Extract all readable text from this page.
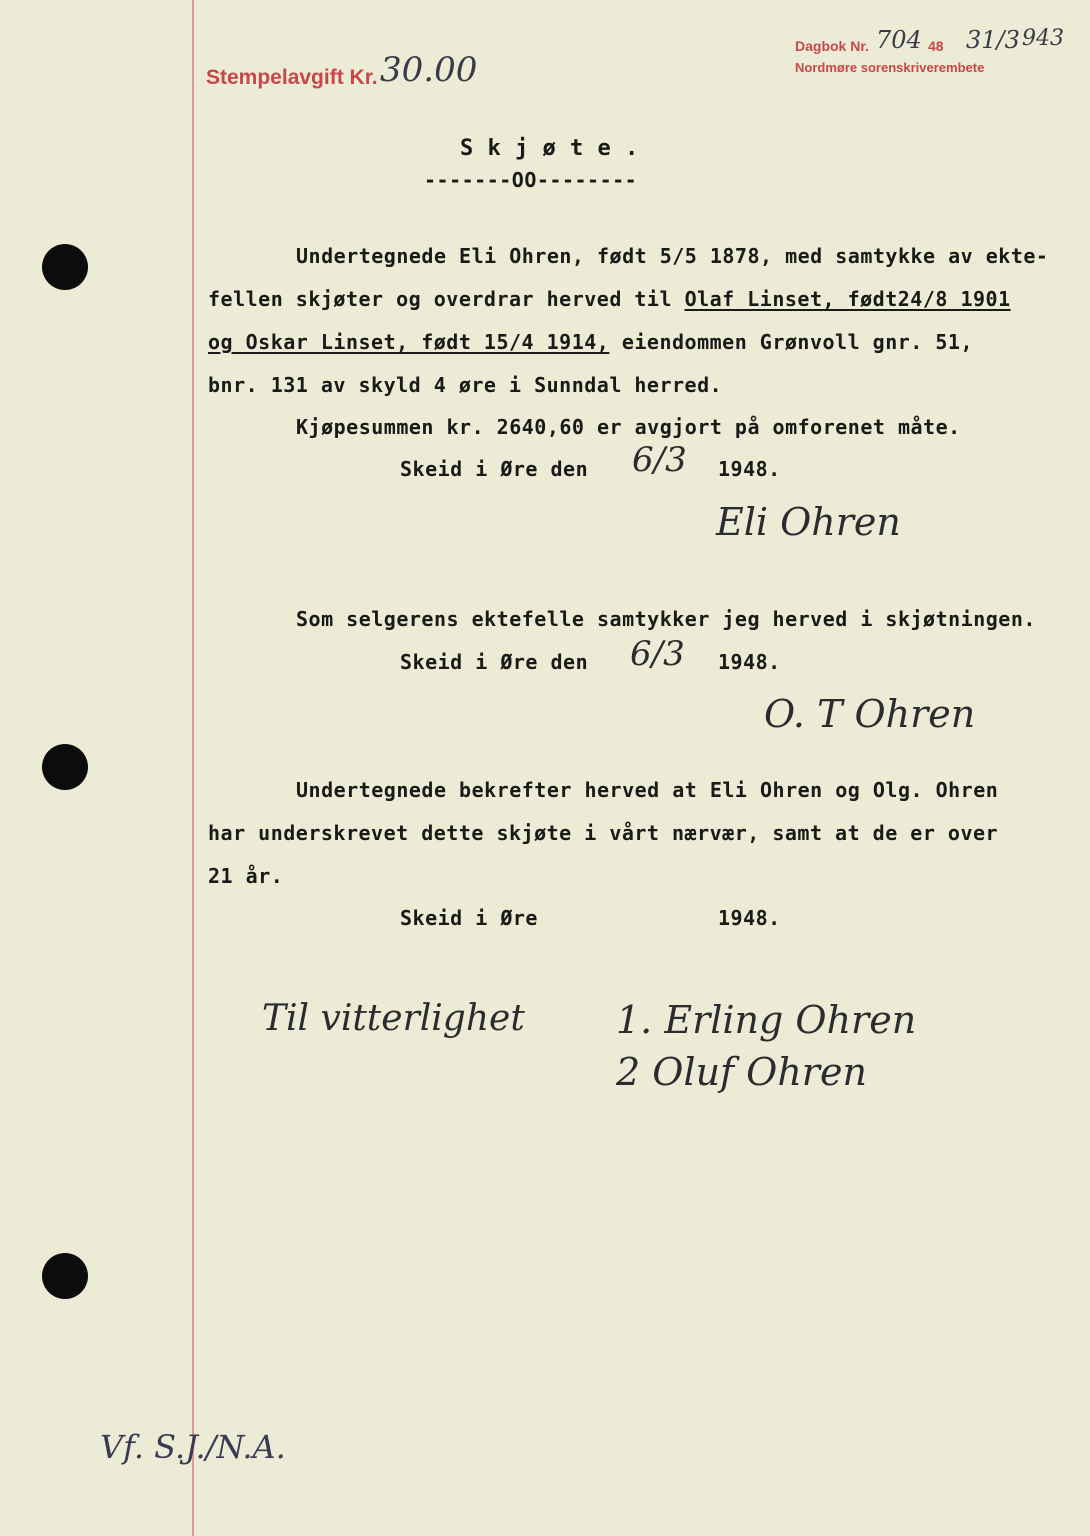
Stempelavgift Kr. 30.00
Dagbok Nr. 704 48 31/3 943
Nordmøre sorenskriverembete
S k j ø t e .
-------OO--------
Undertegnede Eli Ohren, født 5/5 1878, med samtykke av ekte-
fellen skjøter og overdrar herved til Olaf Linset, født24/8 1901
og Oskar Linset, født 15/4 1914, eiendommen Grønvoll gnr. 51,
bnr. 131 av skyld 4 øre i Sunndal herred.
Kjøpesummen kr. 2640,60 er avgjort på omforenet måte.
Skeid i Øre den 6/3 1948.
Eli Ohren
Som selgerens ektefelle samtykker jeg herved i skjøtningen.
Skeid i Øre den 6/3 1948.
O. T Ohren
Undertegnede bekrefter herved at Eli Ohren og Olg. Ohren
har underskrevet dette skjøte i vårt nærvær, samt at de er over
21 år.
Skeid i Øre	1948.
Til vitterlighet 1. Erling Ohren
2 Oluf Ohren
Vf. S.J./N.A.
